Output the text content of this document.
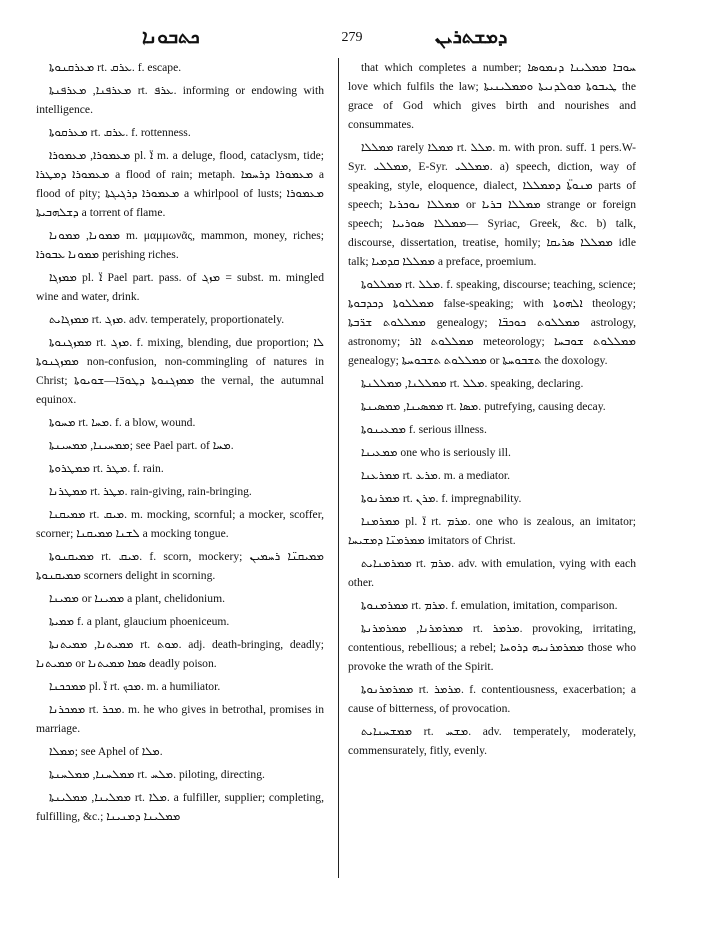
ܟܬܒܘܢܐ	279	ܕܡܫܬܪܝܢ

ܡܥܪܩܢܘܬܐ rt. ܥܪܩ. f. escape.

ܡܥܪܦܢܐ, ܡܥܪܦܢܬܐ rt. ܥܪܦ. informing or endowing with intelligence.

ܡܥܪܩܘܬܐ rt. ܥܪܩ. f. rottenness.

ܡܥܡܘܪܐ, ܡܥܡܘܪܐ pl. ܐ̈ m. a deluge, flood, cataclysm, tide; ܡܥܡܘܪܐ ܕܡܛܪܐ a flood of rain; metaph. ܡܥܡܘܪܐ ܕܪܚܡܐ a flood of pity; ܡܥܡܘܪܐ ܕܪܓܝܓܬܐ a whirlpool of lusts; ܡܥܡܘܪܐ ܕܫܠܗܒܝܬܐ a torrent of flame.

ܡܡܘܢܐ, ܡܡܘܢܐ m. μαμμωνᾶς, mammon, money, riches; ܡܡܘܢܐ ܥܒܘܪܐ perishing riches.

ܡܡܙܓܐ pl. ܐ̈ Pael part. pass. of ܡܙܓ = subst. m. mingled wine and water, drink.

ܡܡܙܓܐܝܬ rt. ܡܙܓ. adv. temperately, proportionately.

ܡܡܙܓܢܘܬܐ rt. ܡܙܓ. f. mixing, blending, due proportion; ܠܐ ܡܡܙܓܢܘܬܐ non-confusion, non-commingling of natures in Christ; ܡܡܙܓܢܘܬܐ ܕܛܘܪ̈ܐ—ܫܘܝܘܬܐ the vernal, the autumnal equinox.

ܡܚܘܬܐ rt. ܡܚܐ. f. a blow, wound.

ܡܡܚܝܢܐ, ܡܡܚܝܢܬܐ; see Pael part. of ܡܚܐ.

ܡܡܛܪܘܬܐ rt. ܡܛܪ. f. rain.

ܡܡܛܪܢܐ rt. ܡܛܪ. rain-giving, rain-bringing.

ܡܡܝܩܢܐ rt. ܡܝܩ. m. mocking, scornful; a mocker, scoffer, scorner; ܠܫܢܐ ܡܡܝܩܢܐ a mocking tongue.

ܡܡܝܩܢܘܬܐ rt. ܡܝܩ. f. scorn, mockery; ܡܡܝܩܢ̈ܐ ܪܚܡܝܢ ܡܡܝܩܢܘܬܐ scorners delight in scorning.

ܡܡܝܢܐ or ܡܡܝܢܐ a plant, chelidonium.

ܡܡܝܬܐ f. a plant, glaucium phoeniceum.

ܡܡܝܬܢܐ, ܡܡܝܬܢܬܐ rt. ܡܘܬ. adj. death-bringing, deadly; ܡܡܝܬܢܐ or ܣܡܐ ܡܡܝܬܢܐ deadly poison.

ܡܡܟܟܢܐ pl. ܐ̈ rt. ܡܟܟ. m. a humiliator.

ܡܡܟܪܢܐ rt. ܡܟܪ. m. he who gives in betrothal, promises in marriage.

ܡܡܠܐ; see Aphel of ܡܠܐ.

ܡܡܠܚܢܐ, ܡܡܠܚܢܬܐ rt. ܡܠܚ. piloting, directing.

ܡܡܠܝܢܐ, ܡܡܠܝܢܬܐ rt. ܡܠܐ. a fulfiller, supplier; completing, fulfilling, &c.; ܡܡܠܝܢܐ ܕܡܢܝܢܐ

that which completes a number; ܚܘܒܐ ܡܡܠܝܢܐ ܕܢܡܘܣܐ love which fulfils the law; ܛܝܒܘܬܐ ܡܘܠܕܢܝܬܐ ܘܡܡܠܝܢܝܬܐ the grace of God which gives birth and nourishes and consummates.

ܡܡܠܠܐ rarely ܡܡܠܐ rt. ܡܠܠ. m. with pron. suff. 1 pers.W-Syr. ܡܡܠܠܝ, E-Syr. ܡܡܠܠܝ. a) speech, diction, way of speaking, style, eloquence, dialect, ܡܢܘܬ̈ܐ ܕܡܡܠܠܐ parts of speech; ܡܡܠܠܐ ܢܘܟܪܝܐ or ܡܡܠܠܐ ܒܪܝܐ strange or foreign speech; ܡܡܠܠܐ ܣܘܪܝܝܐ— Syriac, Greek, &c. b) talk, discourse, dissertation, treatise, homily; ܡܡܠܠܐ ܣܪܝܩܐ idle talk; ܡܡܠܠܐ ܩܕܡܝܐ a preface, proemium.

ܡܡܠܠܘܬܐ rt. ܡܠܠ. f. speaking, discourse; teaching, science; ܡܡܠܠܘܬܐ ܕܟܕܒܘܬܐ false-speaking; with ܐܠܗܘܬܐ theology; ܡܡܠܠܘܬ ܫܪ̈ܒܬܐ genealogy; ܡܡܠܠܘܬ ܟܘܟܒ̈ܐ astrology, astronomy; ܡܡܠܠܘܬ ܐܐܪ meteorology; ܡܡܠܠܘܬ ܫܘܒܚܐ genealogy; ܡܡܠܠܘܬ ܬܫܒܘܚܬܐ or ܬܫܒܘܚܬܐ the doxology.

ܡܡܠܠܢܐ, ܡܡܠܠܢܬܐ rt. ܡܠܠ. speaking, declaring.

ܡܡܣܝܢܐ, ܡܡܣܝܢܬܐ rt. ܡܣܐ. putrefying, causing decay.

ܡܡܥܝܢܘܬܐ f. serious illness.

ܡܡܥܝܢܐ one who is seriously ill.

ܡܡܪܥܢܐ rt. ܡܪܥ. m. a mediator.

ܡܡܪܢܘܬܐ rt. ܡܪܢ. f. impregnability.

ܡܡܪܡܢܐ pl. ܐ̈ rt. ܡܪܡ. one who is zealous, an imitator; ܡܡܪܡܢ̈ܐ ܕܡܫܝܚܐ imitators of Christ.

ܡܡܪܡܢܐܝܬ rt. ܡܪܡ. adv. with emulation, vying with each other.

ܡܡܪܡܢܘܬܐ rt. ܡܪܡ. f. emulation, imitation, comparison.

ܡܡܪܡܪܢܐ, ܡܡܪܡܪܢܬܐ rt. ܡܪܡܪ. provoking, irritating, contentious, rebellious; a rebel; ܡܡܪܡܪܢܝܗ ܕܪܘܚܐ those who provoke the wrath of the Spirit.

ܡܡܪܡܪܢܘܬܐ rt. ܡܪܡܪ. f. contentiousness, exacerbation; a cause of bitterness, of provocation.

ܡܡܫܚܢܐܝܬ rt. ܡܫܚ. adv. temperately, moderately, commensurately, fitly, evenly.
